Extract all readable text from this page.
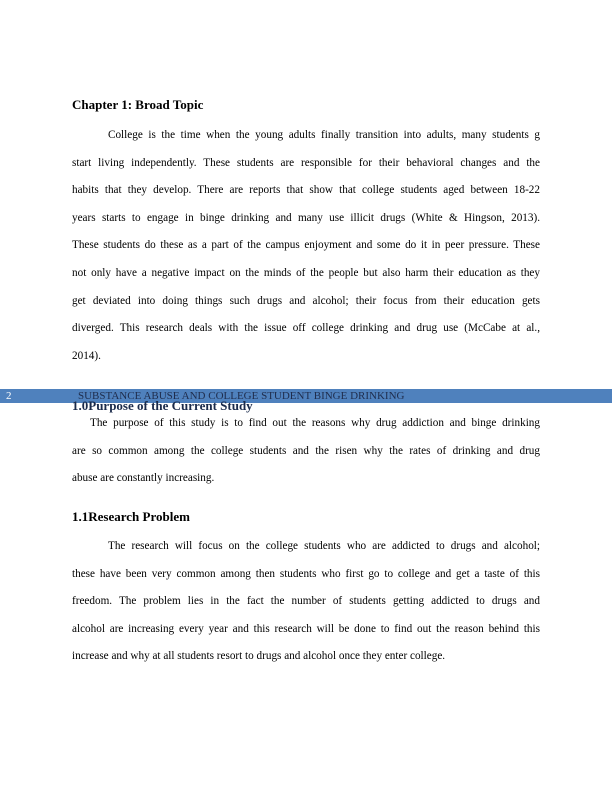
Chapter 1: Broad Topic
College is the time when the young adults finally transition into adults, many students g
start living independently. These students are responsible for their behavioral changes and the
habits that they develop. There are reports that show that college students aged between 18-22
years starts to engage in binge drinking and many use illicit drugs (White & Hingson, 2013).
These students do these as a part of the campus enjoyment and some do it in peer pressure. These
not only have a negative impact on the minds of the people but also harm their education as they
get deviated into doing things such drugs and alcohol; their focus from their education gets
diverged. This research deals with the issue off college drinking and drug use (McCabe at al.,
2014).
2	SUBSTANCE ABUSE AND COLLEGE STUDENT BINGE DRINKING
1.0Purpose of the Current Study
The purpose of this study is to find out the reasons why drug addiction and binge drinking
are so common among the college students and the risen why the rates of drinking and drug
abuse are constantly increasing.
1.1Research Problem
The research will focus on the college students who are addicted to drugs and alcohol;
these have been very common among then students who first go to college and get a taste of this
freedom. The problem lies in the fact the number of students getting addicted to drugs and
alcohol are increasing every year and this research will be done to find out the reason behind this
increase and why at all students resort to drugs and alcohol once they enter college.
